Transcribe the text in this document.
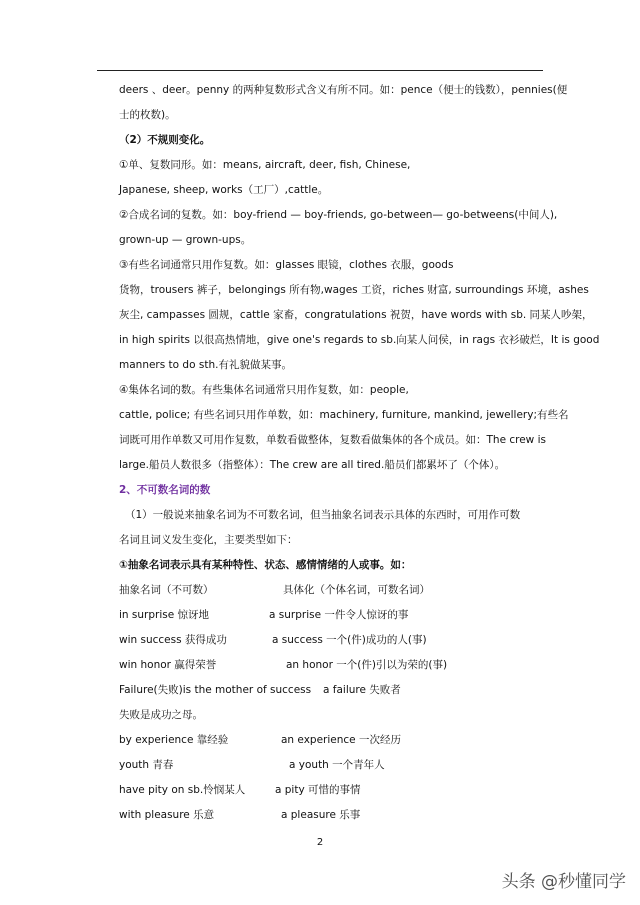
deers 、deer。penny 的两种复数形式含义有所不同。如：pence（便士的钱数），pennies(便
士的枚数)。
（2）不规则变化。
①单、复数同形。如：means, aircraft, deer, fish, Chinese,
Japanese, sheep, works（工厂）,cattle。
②合成名词的复数。如：boy-friend — boy-friends, go-between— go-betweens(中间人),
grown-up — grown-ups。
③有些名词通常只用作复数。如：glasses 眼镜，clothes 衣服，goods
货物，trousers 裤子，belongings 所有物,wages 工资，riches 财富, surroundings 环境，ashes
灰尘, campasses 圆规，cattle 家畜，congratulations 祝贺，have words with sb. 同某人吵架，
in high spirits 以很高热情地，give one's regards to sb.向某人问侯，in rags 衣衫破烂，It is good
manners to do sth.有礼貌做某事。
④集体名词的数。有些集体名词通常只用作复数，如：people,
cattle, police; 有些名词只用作单数，如：machinery, furniture, mankind, jewellery;有些名
词既可用作单数又可用作复数，单数看做整体，复数看做集体的各个成员。如：The crew is
large.船员人数很多（指整体）：The crew are all tired.船员们都累坏了（个体）。
2、不可数名词的数
（1）一般说来抽象名词为不可数名词，但当抽象名词表示具体的东西时，可用作可数
名词且词义发生变化，主要类型如下：
①抽象名词表示具有某种特性、状态、感情情绪的人或事。如：
抽象名词（不可数）	具体化（个体名词，可数名词）
in surprise 惊讶地	a surprise 一件令人惊讶的事
win success 获得成功	a success 一个(件)成功的人(事)
win honor 赢得荣誉	an honor 一个(件)引以为荣的(事)
Failure(失败)is the mother of success a failure 失败者
失败是成功之母。
by experience 靠经验	an experience 一次经历
youth 青春	a youth 一个青年人
have pity on sb.怜悯某人	a pity 可惜的事情
with pleasure 乐意	a pleasure 乐事
2
头条 @秒懂同学
